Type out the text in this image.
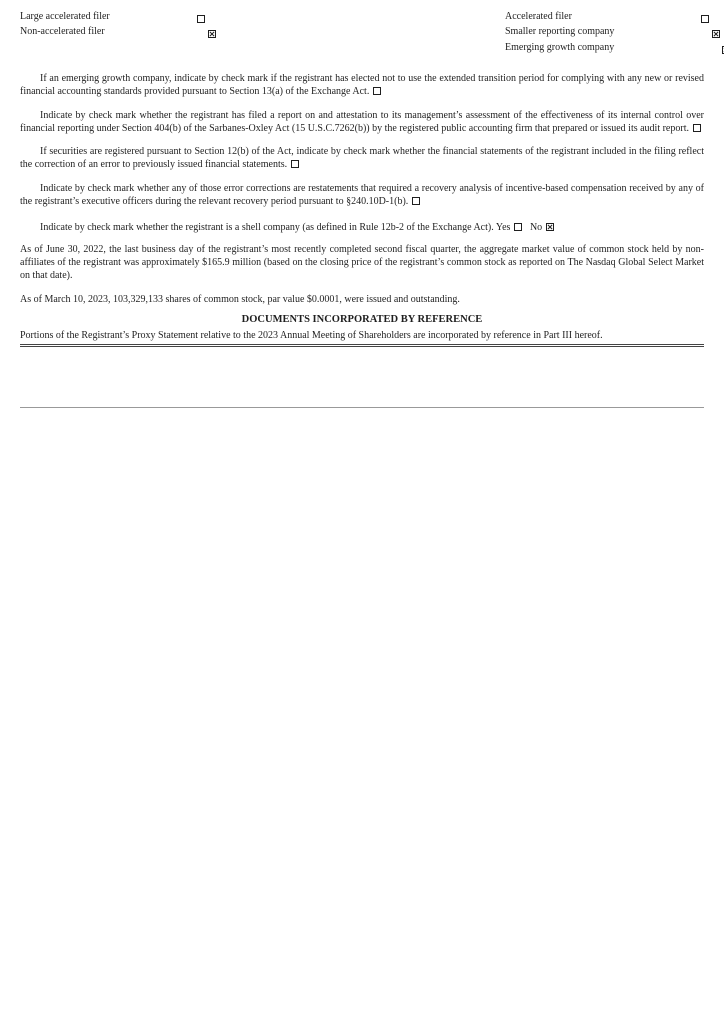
Large accelerated filer

Non-accelerated filer

Accelerated filer

Smaller reporting company

Emerging growth company

If an emerging growth company, indicate by check mark if the registrant has elected not to use the extended transition period for complying with any new or revised financial accounting standards provided pursuant to Section 13(a) of the Exchange Act.

Indicate by check mark whether the registrant has filed a report on and attestation to its management’s assessment of the effectiveness of its internal control over financial reporting under Section 404(b) of the Sarbanes-Oxley Act (15 U.S.C.7262(b)) by the registered public accounting firm that prepared or issued its audit report.

If securities are registered pursuant to Section 12(b) of the Act, indicate by check mark whether the financial statements of the registrant included in the filing reflect the correction of an error to previously issued financial statements.

Indicate by check mark whether any of those error corrections are restatements that required a recovery analysis of incentive-based compensation received by any of the registrant’s executive officers during the relevant recovery period pursuant to §240.10D-1(b).

Indicate by check mark whether the registrant is a shell company (as defined in Rule 12b-2 of the Exchange Act). Yes No

As of June 30, 2022, the last business day of the registrant’s most recently completed second fiscal quarter, the aggregate market value of common stock held by non-affiliates of the registrant was approximately $165.9 million (based on the closing price of the registrant’s common stock as reported on The Nasdaq Global Select Market on that date).

As of March 10, 2023, 103,329,133 shares of common stock, par value $0.0001, were issued and outstanding.

DOCUMENTS INCORPORATED BY REFERENCE

Portions of the Registrant’s Proxy Statement relative to the 2023 Annual Meeting of Shareholders are incorporated by reference in Part III hereof.
